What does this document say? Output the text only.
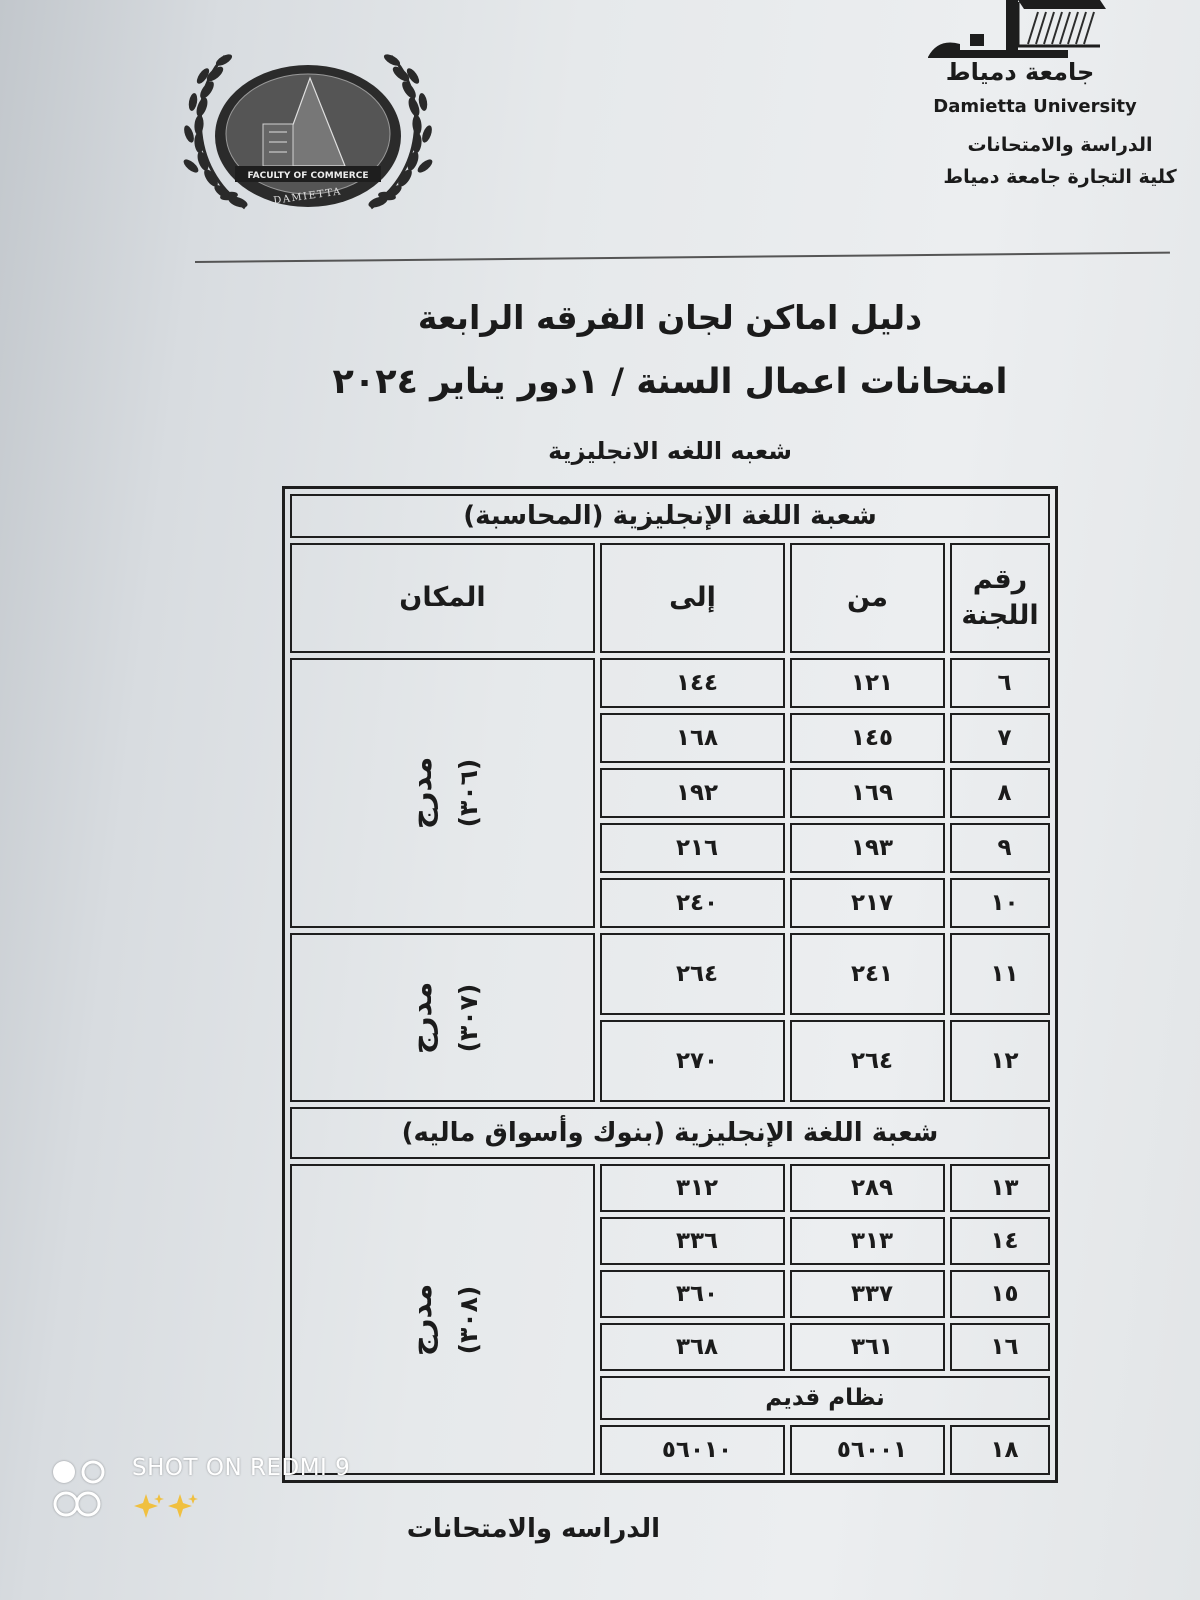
FACULTY OF COMMERCE
DAMIETTA
جامعة دمياط
Damietta University
الدراسة والامتحانات
كلية التجارة جامعة دمياط
دليل اماكن لجان الفرقه الرابعة
امتحانات اعمال السنة / ١دور يناير ٢٠٢٤
شعبه اللغه الانجليزية
شعبة اللغة الإنجليزية (المحاسبة)			
رقم اللجنة	من	إلى	المكان
٦	١٢١	١٤٤	مدرج (٣٠٦)

٧	١٤٥	١٦٨	
٨	١٦٩	١٩٢	
٩	١٩٣	٢١٦	
١٠	٢١٧	٢٤٠	
١١	٢٤١	٢٦٤	مدرج (٣٠٧)

١٢	٢٦٤	٢٧٠	
شعبة اللغة الإنجليزية (بنوك وأسواق ماليه)			
١٣	٢٨٩	٣١٢	مدرج (٣٠٨)

١٤	٣١٣	٣٣٦	
١٥	٣٣٧	٣٦٠	
١٦	٣٦١	٣٦٨	
نظام قديم			
١٨	٥٦٠٠١	٥٦٠١٠	
الدراسه والامتحانات
SHOT ON REDMI 9
